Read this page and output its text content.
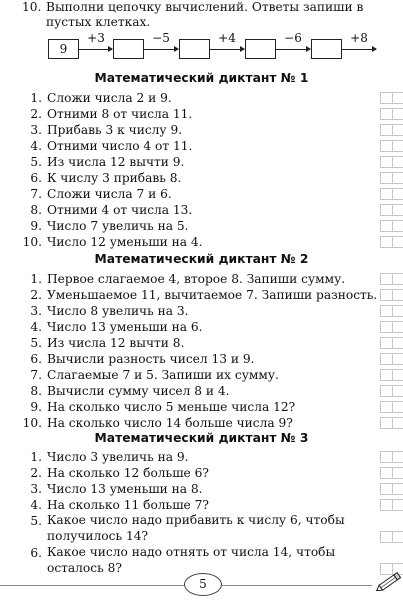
10. Выполни цепочку вычислений. Ответы запиши в пустых клетках.
9
+3	−5	+4	−6	+8
Математический диктант № 1
1. Сложи числа 2 и 9.
2. Отними 8 от числа 11.
3. Прибавь 3 к числу 9.
4. Отними число 4 от 11.
5. Из числа 12 вычти 9.
6. К числу 3 прибавь 8.
7. Сложи числа 7 и 6.
8. Отними 4 от числа 13.
9. Число 7 увеличь на 5.
10. Число 12 уменьши на 4.
Математический диктант № 2
1. Первое слагаемое 4, второе 8. Запиши сумму.
2. Уменьшаемое 11, вычитаемое 7. Запиши разность.
3. Число 8 увеличь на 3.
4. Число 13 уменьши на 6.
5. Из числа 12 вычти 8.
6. Вычисли разность чисел 13 и 9.
7. Слагаемые 7 и 5. Запиши их сумму.
8. Вычисли сумму чисел 8 и 4.
9. На сколько число 5 меньше числа 12?
10. На сколько число 14 больше числа 9?
Математический диктант № 3
1. Число 3 увеличь на 9.
2. На сколько 12 больше 6?
3. Число 13 уменьши на 8.
4. На сколько 11 больше 7?
5. Какое число надо прибавить к числу 6, чтобы получилось 14?
6. Какое число надо отнять от числа 14, чтобы осталось 8?
5
